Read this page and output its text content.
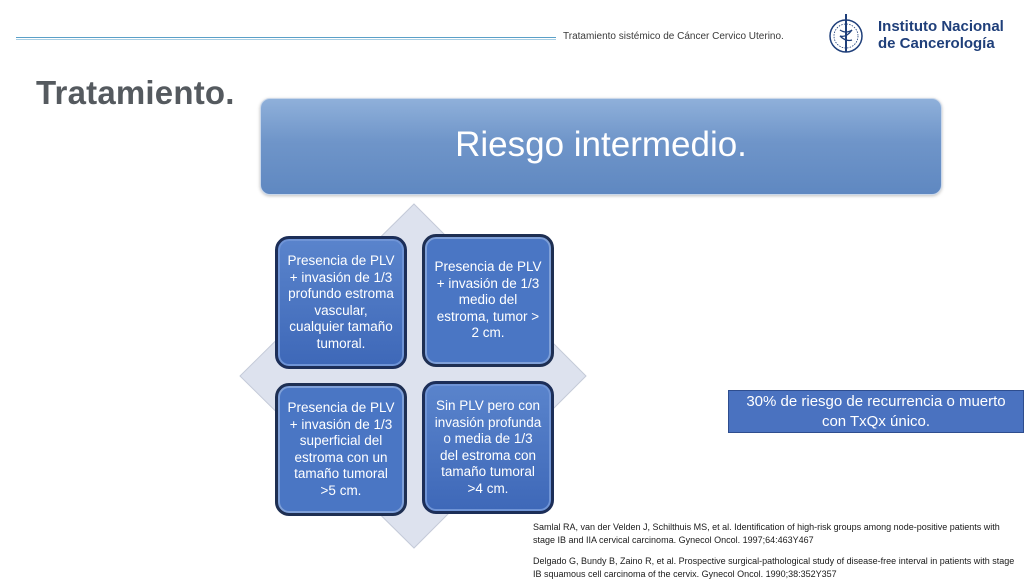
Tratamiento sistémico de Cáncer Cervico Uterino.
Instituto Nacional
de Cancerología
Tratamiento.
Riesgo intermedio.
Presencia de PLV + invasión de 1/3 profundo estroma vascular, cualquier tamaño tumoral.
Presencia de PLV + invasión de 1/3 medio del estroma, tumor > 2 cm.
Presencia de PLV + invasión de 1/3 superficial del estroma con un tamaño tumoral >5 cm.
Sin PLV pero con invasión profunda o media de 1/3 del estroma con tamaño tumoral >4 cm.
30% de riesgo de recurrencia o muerto con TxQx único.
Samlal RA, van der Velden J, Schilthuis MS, et al. Identification of high-risk groups among node-positive patients with stage IB and IIA cervical carcinoma. Gynecol Oncol. 1997;64:463Y467
Delgado G, Bundy B, Zaino R, et al. Prospective surgical-pathological study of disease-free interval in patients with stage IB squamous cell carcinoma of the cervix. Gynecol Oncol. 1990;38:352Y357
